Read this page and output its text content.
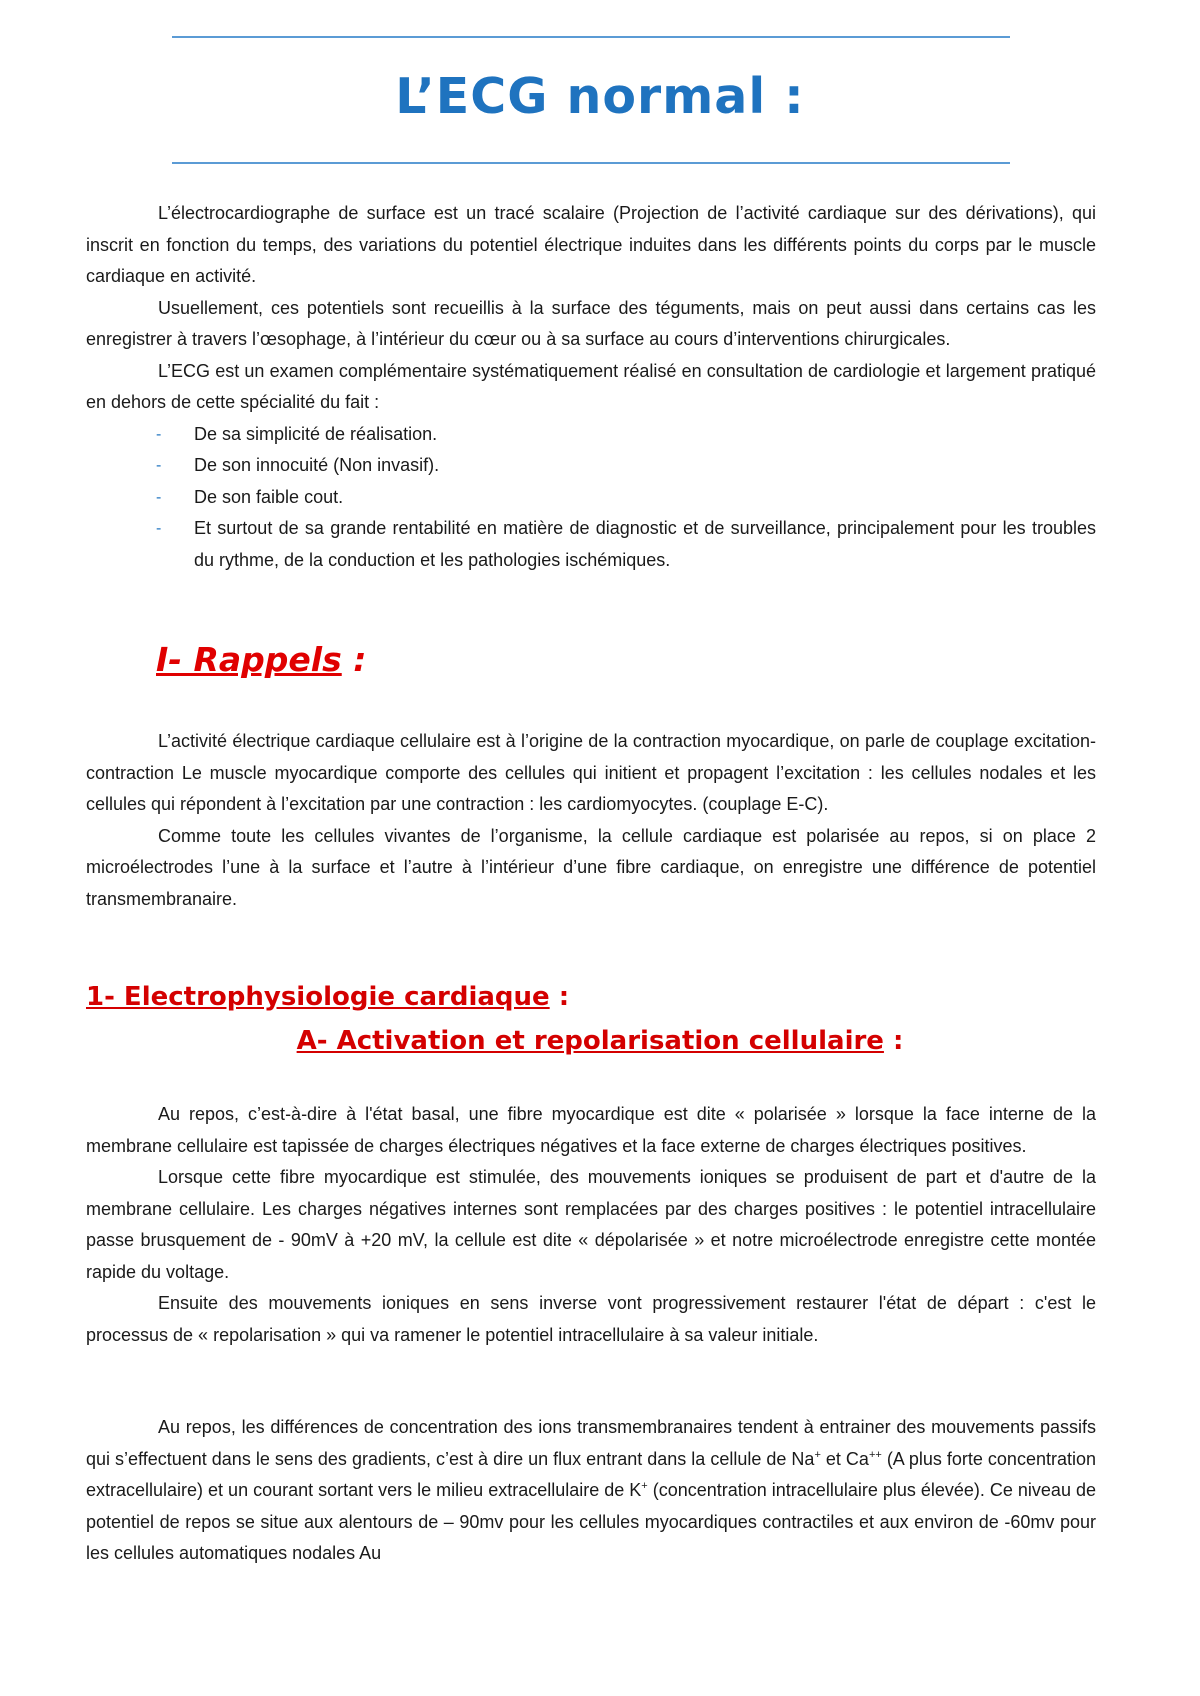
L’ECG normal :

L’électrocardiographe de surface est un tracé scalaire (Projection de l’activité cardiaque sur des dérivations), qui inscrit en fonction du temps, des variations du potentiel électrique induites dans les différents points du corps par le muscle cardiaque en activité.

Usuellement, ces potentiels sont recueillis à la surface des téguments, mais on peut aussi dans certains cas les enregistrer à travers l’œsophage, à l’intérieur du cœur ou à sa surface au cours d’interventions chirurgicales.

L’ECG est un examen complémentaire systématiquement réalisé en consultation de cardiologie et largement pratiqué en dehors de cette spécialité du fait :

- De sa simplicité de réalisation.
- De son innocuité (Non invasif).
- De son faible cout.
- Et surtout de sa grande rentabilité en matière de diagnostic et de surveillance, principalement pour les troubles du rythme, de la conduction et les pathologies ischémiques.
I- Rappels :

L’activité électrique cardiaque cellulaire est à l’origine de la contraction myocardique, on parle de couplage excitation-contraction Le muscle myocardique comporte des cellules qui initient et propagent l’excitation : les cellules nodales et les cellules qui répondent à l’excitation par une contraction : les cardiomyocytes. (couplage E-C).

Comme toute les cellules vivantes de l’organisme, la cellule cardiaque est polarisée au repos, si on place 2 microélectrodes l’une à la surface et l’autre à l’intérieur d’une fibre cardiaque, on enregistre une différence de potentiel transmembranaire.

1- Electrophysiologie cardiaque :
A- Activation et repolarisation cellulaire :

Au repos, c’est-à-dire à l'état basal, une fibre myocardique est dite « polarisée » lorsque la face interne de la membrane cellulaire est tapissée de charges électriques négatives et la face externe de charges électriques positives.

Lorsque cette fibre myocardique est stimulée, des mouvements ioniques se produisent de part et d'autre de la membrane cellulaire. Les charges négatives internes sont remplacées par des charges positives : le potentiel intracellulaire passe brusquement de - 90mV à +20 mV, la cellule est dite « dépolarisée » et notre microélectrode enregistre cette montée rapide du voltage.

Ensuite des mouvements ioniques en sens inverse vont progressivement restaurer l'état de départ : c'est le processus de « repolarisation » qui va ramener le potentiel intracellulaire à sa valeur initiale.

Au repos, les différences de concentration des ions transmembranaires tendent à entrainer des mouvements passifs qui s’effectuent dans le sens des gradients, c’est à dire un flux entrant dans la cellule de Na+ et Ca++ (A plus forte concentration extracellulaire) et un courant sortant vers le milieu extracellulaire de K+ (concentration intracellulaire plus élevée). Ce niveau de potentiel de repos se situe aux alentours de – 90mv pour les cellules myocardiques contractiles et aux environ de -60mv pour les cellules automatiques nodales Au
